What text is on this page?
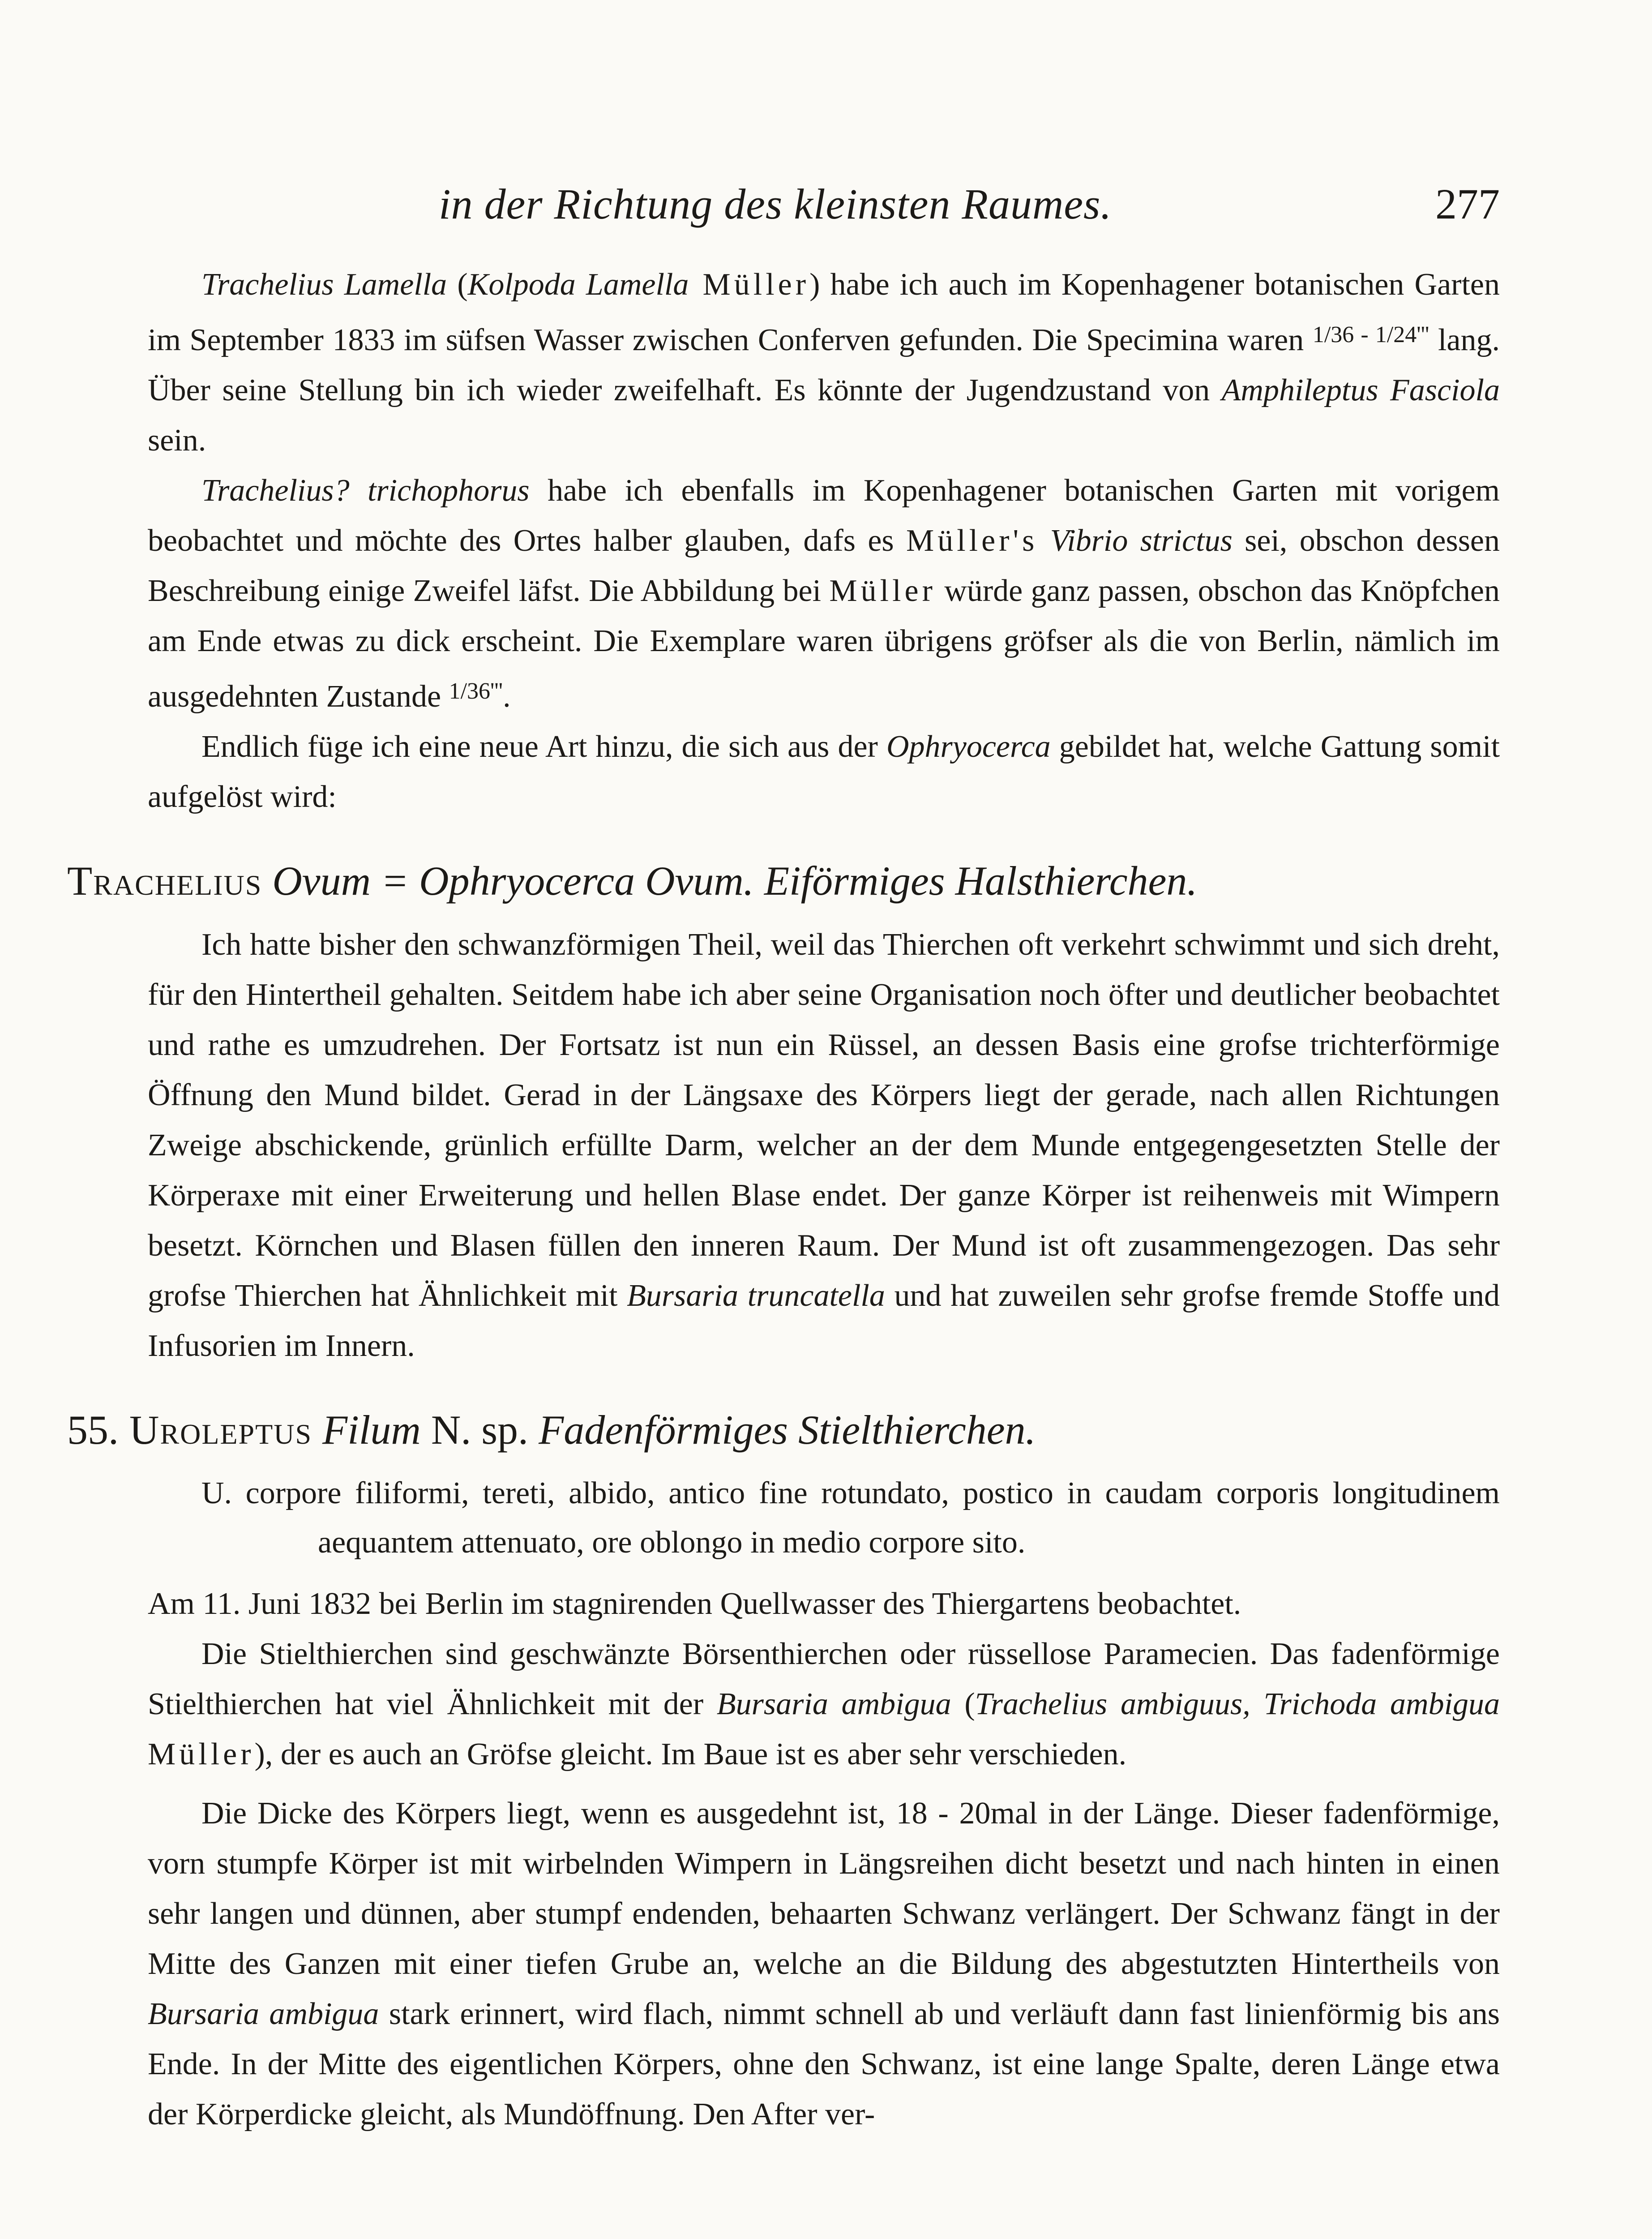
in der Richtung des kleinsten Raumes.	277

Trachelius Lamella (Kolpoda Lamella Müller) habe ich auch im Kopenhagener botanischen Garten im September 1833 im süfsen Wasser zwischen Conferven gefunden. Die Specimina waren $^{1/36 - 1/24'''}$ lang. Über seine Stellung bin ich wieder zweifelhaft. Es könnte der Jugendzustand von Amphileptus Fasciola sein.

Trachelius? trichophorus habe ich ebenfalls im Kopenhagener botanischen Garten mit vorigem beobachtet und möchte des Ortes halber glauben, dafs es Müller's Vibrio strictus sei, obschon dessen Beschreibung einige Zweifel läfst. Die Abbildung bei Müller würde ganz passen, obschon das Knöpfchen am Ende etwas zu dick erscheint. Die Exemplare waren übrigens gröfser als die von Berlin, nämlich im ausgedehnten Zustande $^{1/36'''}$.

Endlich füge ich eine neue Art hinzu, die sich aus der Ophryocerca gebildet hat, welche Gattung somit aufgelöst wird:

Trachelius Ovum = Ophryocerca Ovum. Eiförmiges Halsthierchen.

Ich hatte bisher den schwanzförmigen Theil, weil das Thierchen oft verkehrt schwimmt und sich dreht, für den Hintertheil gehalten. Seitdem habe ich aber seine Organisation noch öfter und deutlicher beobachtet und rathe es umzudrehen. Der Fortsatz ist nun ein Rüssel, an dessen Basis eine grofse trichterförmige Öffnung den Mund bildet. Gerad in der Längsaxe des Körpers liegt der gerade, nach allen Richtungen Zweige abschickende, grünlich erfüllte Darm, welcher an der dem Munde entgegengesetzten Stelle der Körperaxe mit einer Erweiterung und hellen Blase endet. Der ganze Körper ist reihenweis mit Wimpern besetzt. Körnchen und Blasen füllen den inneren Raum. Der Mund ist oft zusammengezogen. Das sehr grofse Thierchen hat Ähnlichkeit mit Bursaria truncatella und hat zuweilen sehr grofse fremde Stoffe und Infusorien im Innern.

55. Uroleptus Filum N. sp. Fadenförmiges Stielthierchen.

U. corpore filiformi, tereti, albido, antico fine rotundato, postico in caudam corporis longitudinem aequantem attenuato, ore oblongo in medio corpore sito.

Am 11. Juni 1832 bei Berlin im stagnirenden Quellwasser des Thiergartens beobachtet.

Die Stielthierchen sind geschwänzte Börsenthierchen oder rüssellose Paramecien. Das fadenförmige Stielthierchen hat viel Ähnlichkeit mit der Bursaria ambigua (Trachelius ambiguus, Trichoda ambigua Müller), der es auch an Gröfse gleicht. Im Baue ist es aber sehr verschieden.

Die Dicke des Körpers liegt, wenn es ausgedehnt ist, 18 - 20mal in der Länge. Dieser fadenförmige, vorn stumpfe Körper ist mit wirbelnden Wimpern in Längsreihen dicht besetzt und nach hinten in einen sehr langen und dünnen, aber stumpf endenden, behaarten Schwanz verlängert. Der Schwanz fängt in der Mitte des Ganzen mit einer tiefen Grube an, welche an die Bildung des abgestutzten Hintertheils von Bursaria ambigua stark erinnert, wird flach, nimmt schnell ab und verläuft dann fast linienförmig bis ans Ende. In der Mitte des eigentlichen Körpers, ohne den Schwanz, ist eine lange Spalte, deren Länge etwa der Körperdicke gleicht, als Mundöffnung. Den After ver-
